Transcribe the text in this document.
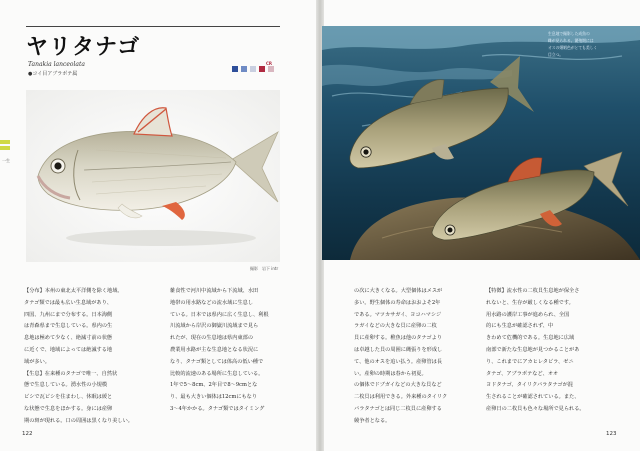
ヤリタナゴ
Tanakia lanceolata
●コイ目アブラボテ属
CR
一生
撮影　岩下 intr

【分布】本州の東北太平洋側を除く地域、

タナゴ類では最も広い生息域があり、

四国、九州にまで分布する。日本海側

は青森県まで生息している。県内の生

息地は極めて少なく、絶滅寸前の状態

に近くで、地域によっては絶滅する地

域が多い。

【生息】在来種のタナゴで唯一、自然状

態で生息している。湧水性の小規模

ビシで瓦ビシを住まわし、休眠は緩と

な状態で生息をほかする。身には産卵

期の斑が現れる。口の周囲は黒くなり美しい。

雑食性で河川中流域から下流域、水田

地帯の用水路などの流水域に生息し

ている。日本では県内に広く生息し、利根

川流域から岸沢の御嶽川流域まで見ら

れたが、現在の生息地は県内東部の

農業用水路が主な生息地となる状況に

なり、タナゴ類としては体高の低い種で

比較的流速のある場所に生息している。

1年で5～8cm、2年目で8～9cmとな

り、最も大きい個体は12cmにもなり

3～4年かかる。タナゴ類ではタイミング

122
生息地で撮影した成魚の
雌が見られる。繁殖期には
オスの婚姻色がとても美しく
目立つ。

の次に大きくなる。大型個体はメスが

多い。野生個体の寿命はおおよそ2年

である。マツカサガイ、ヨコハマシジ

ラガイなどの大きな貝に産卵の二枚

貝に産卵する。稚魚は他のタナゴより

は卓越した貝の周囲に縄張りを形成し

て、他のオスを追い払う。産卵管は長

い。産卵の時期は春から初夏。

の個体でドブガイなどの大きな貝など

二枚貝は利用できる。外来種のタイリク

バラタナゴとは同じ二枚貝に産卵する

競争者となる。

【特徴】流水性の二枚貝生息地が保全さ

れないと、生存が厳しくなる種です。

用水路の護岸工事が進められ、全国

的にも生息が確認されず、中

きわめて危機的である。生息地に広域

南部で新たな生息地が見つかることがあ

り、これまでにアカヒレタビラ、ゼニ

タナゴ、アブラボテなど、オオ

ヨドタナゴ、タイリクバラタナゴが混

生されることが確認されている。また、

産卵日の二枚貝も色々な場所で見られる。

123
